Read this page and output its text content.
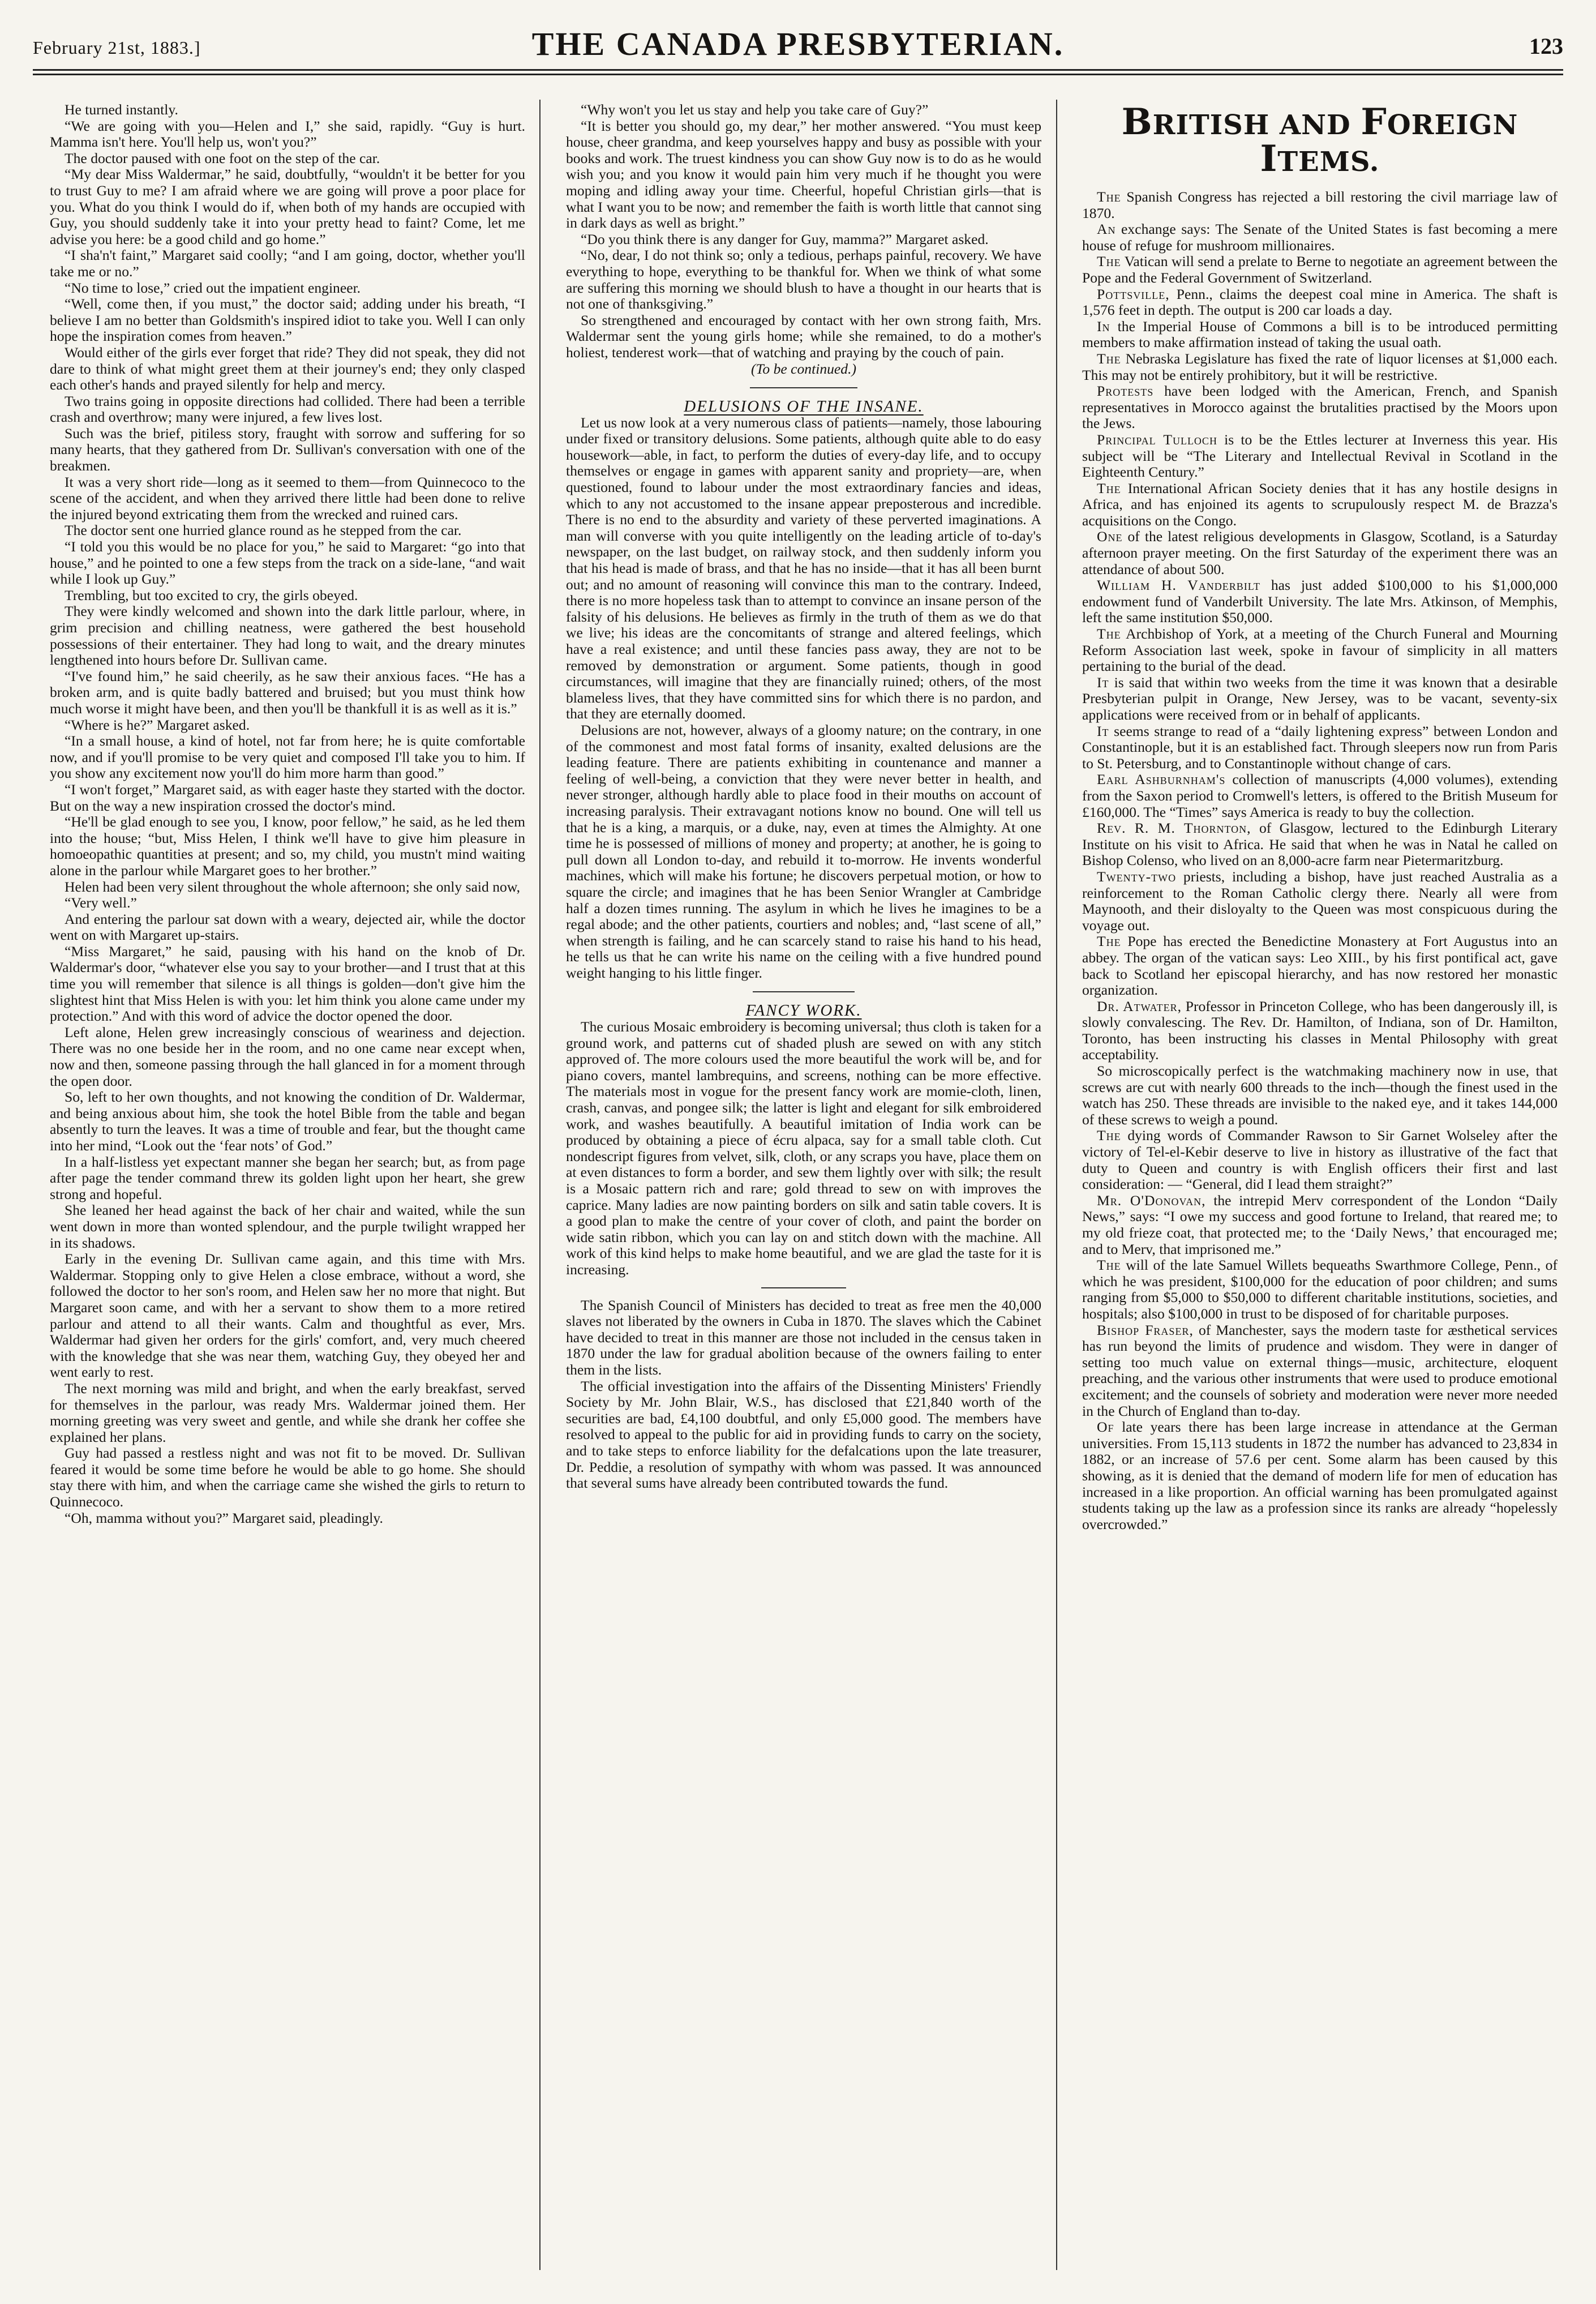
February 21st, 1883.]	THE CANADA PRESBYTERIAN.	123

He turned instantly.

“We are going with you—Helen and I,” she said, rapidly. “Guy is hurt. Mamma isn't here. You'll help us, won't you?”

The doctor paused with one foot on the step of the car.

“My dear Miss Waldermar,” he said, doubtfully, “wouldn't it be better for you to trust Guy to me? I am afraid where we are going will prove a poor place for you. What do you think I would do if, when both of my hands are occupied with Guy, you should suddenly take it into your pretty head to faint? Come, let me advise you here: be a good child and go home.”

“I sha'n't faint,” Margaret said coolly; “and I am going, doctor, whether you'll take me or no.”

“No time to lose,” cried out the impatient engineer.

“Well, come then, if you must,” the doctor said; adding under his breath, “I believe I am no better than Goldsmith's inspired idiot to take you. Well I can only hope the inspiration comes from heaven.”

Would either of the girls ever forget that ride? They did not speak, they did not dare to think of what might greet them at their journey's end; they only clasped each other's hands and prayed silently for help and mercy.

Two trains going in opposite directions had collided. There had been a terrible crash and overthrow; many were injured, a few lives lost.

Such was the brief, pitiless story, fraught with sorrow and suffering for so many hearts, that they gathered from Dr. Sullivan's conversation with one of the breakmen.

It was a very short ride—long as it seemed to them—from Quinnecoco to the scene of the accident, and when they arrived there little had been done to relive the injured beyond extricating them from the wrecked and ruined cars.

The doctor sent one hurried glance round as he stepped from the car.

“I told you this would be no place for you,” he said to Margaret: “go into that house,” and he pointed to one a few steps from the track on a side-lane, “and wait while I look up Guy.”

Trembling, but too excited to cry, the girls obeyed.

They were kindly welcomed and shown into the dark little parlour, where, in grim precision and chilling neatness, were gathered the best household possessions of their entertainer. They had long to wait, and the dreary minutes lengthened into hours before Dr. Sullivan came.

“I've found him,” he said cheerily, as he saw their anxious faces. “He has a broken arm, and is quite badly battered and bruised; but you must think how much worse it might have been, and then you'll be thankfull it is as well as it is.”

“Where is he?” Margaret asked.

“In a small house, a kind of hotel, not far from here; he is quite comfortable now, and if you'll promise to be very quiet and composed I'll take you to him. If you show any excitement now you'll do him more harm than good.”

“I won't forget,” Margaret said, as with eager haste they started with the doctor. But on the way a new inspiration crossed the doctor's mind.

“He'll be glad enough to see you, I know, poor fellow,” he said, as he led them into the house; “but, Miss Helen, I think we'll have to give him pleasure in homoeopathic quantities at present; and so, my child, you mustn't mind waiting alone in the parlour while Margaret goes to her brother.”

Helen had been very silent throughout the whole afternoon; she only said now,

“Very well.”

And entering the parlour sat down with a weary, dejected air, while the doctor went on with Margaret up-stairs.

“Miss Margaret,” he said, pausing with his hand on the knob of Dr. Waldermar's door, “whatever else you say to your brother—and I trust that at this time you will remember that silence is all things is golden—don't give him the slightest hint that Miss Helen is with you: let him think you alone came under my protection.” And with this word of advice the doctor opened the door.

Left alone, Helen grew increasingly conscious of weariness and dejection. There was no one beside her in the room, and no one came near except when, now and then, someone passing through the hall glanced in for a moment through the open door.

So, left to her own thoughts, and not knowing the condition of Dr. Waldermar, and being anxious about him, she took the hotel Bible from the table and began absently to turn the leaves. It was a time of trouble and fear, but the thought came into her mind, “Look out the ‘fear nots’ of God.”

In a half-listless yet expectant manner she began her search; but, as from page after page the tender command threw its golden light upon her heart, she grew strong and hopeful.

She leaned her head against the back of her chair and waited, while the sun went down in more than wonted splendour, and the purple twilight wrapped her in its shadows.

Early in the evening Dr. Sullivan came again, and this time with Mrs. Waldermar. Stopping only to give Helen a close embrace, without a word, she followed the doctor to her son's room, and Helen saw her no more that night. But Margaret soon came, and with her a servant to show them to a more retired parlour and attend to all their wants. Calm and thoughtful as ever, Mrs. Waldermar had given her orders for the girls' comfort, and, very much cheered with the knowledge that she was near them, watching Guy, they obeyed her and went early to rest.

The next morning was mild and bright, and when the early breakfast, served for themselves in the parlour, was ready Mrs. Waldermar joined them. Her morning greeting was very sweet and gentle, and while she drank her coffee she explained her plans.

Guy had passed a restless night and was not fit to be moved. Dr. Sullivan feared it would be some time before he would be able to go home. She should stay there with him, and when the carriage came she wished the girls to return to Quinnecoco.

“Oh, mamma without you?” Margaret said, pleadingly.

“Why won't you let us stay and help you take care of Guy?”

“It is better you should go, my dear,” her mother answered. “You must keep house, cheer grandma, and keep yourselves happy and busy as possible with your books and work. The truest kindness you can show Guy now is to do as he would wish you; and you know it would pain him very much if he thought you were moping and idling away your time. Cheerful, hopeful Christian girls—that is what I want you to be now; and remember the faith is worth little that cannot sing in dark days as well as bright.”

“Do you think there is any danger for Guy, mamma?” Margaret asked.

“No, dear, I do not think so; only a tedious, perhaps painful, recovery. We have everything to hope, everything to be thankful for. When we think of what some are suffering this morning we should blush to have a thought in our hearts that is not one of thanksgiving.”

So strengthened and encouraged by contact with her own strong faith, Mrs. Waldermar sent the young girls home; while she remained, to do a mother's holiest, tenderest work—that of watching and praying by the couch of pain.

(To be continued.)

DELUSIONS OF THE INSANE.

Let us now look at a very numerous class of patients—namely, those labouring under fixed or transitory delusions. Some patients, although quite able to do easy housework—able, in fact, to perform the duties of every-day life, and to occupy themselves or engage in games with apparent sanity and propriety—are, when questioned, found to labour under the most extraordinary fancies and ideas, which to any not accustomed to the insane appear preposterous and incredible. There is no end to the absurdity and variety of these perverted imaginations. A man will converse with you quite intelligently on the leading article of to-day's newspaper, on the last budget, on railway stock, and then suddenly inform you that his head is made of brass, and that he has no inside—that it has all been burnt out; and no amount of reasoning will convince this man to the contrary. Indeed, there is no more hopeless task than to attempt to convince an insane person of the falsity of his delusions. He believes as firmly in the truth of them as we do that we live; his ideas are the concomitants of strange and altered feelings, which have a real existence; and until these fancies pass away, they are not to be removed by demonstration or argument. Some patients, though in good circumstances, will imagine that they are financially ruined; others, of the most blameless lives, that they have committed sins for which there is no pardon, and that they are eternally doomed.

Delusions are not, however, always of a gloomy nature; on the contrary, in one of the commonest and most fatal forms of insanity, exalted delusions are the leading feature. There are patients exhibiting in countenance and manner a feeling of well-being, a conviction that they were never better in health, and never stronger, although hardly able to place food in their mouths on account of increasing paralysis. Their extravagant notions know no bound. One will tell us that he is a king, a marquis, or a duke, nay, even at times the Almighty. At one time he is possessed of millions of money and property; at another, he is going to pull down all London to-day, and rebuild it to-morrow. He invents wonderful machines, which will make his fortune; he discovers perpetual motion, or how to square the circle; and imagines that he has been Senior Wrangler at Cambridge half a dozen times running. The asylum in which he lives he imagines to be a regal abode; and the other patients, courtiers and nobles; and, “last scene of all,” when strength is failing, and he can scarcely stand to raise his hand to his head, he tells us that he can write his name on the ceiling with a five hundred pound weight hanging to his little finger.

FANCY WORK.

The curious Mosaic embroidery is becoming universal; thus cloth is taken for a ground work, and patterns cut of shaded plush are sewed on with any stitch approved of. The more colours used the more beautiful the work will be, and for piano covers, mantel lambrequins, and screens, nothing can be more effective. The materials most in vogue for the present fancy work are momie-cloth, linen, crash, canvas, and pongee silk; the latter is light and elegant for silk embroidered work, and washes beautifully. A beautiful imitation of India work can be produced by obtaining a piece of écru alpaca, say for a small table cloth. Cut nondescript figures from velvet, silk, cloth, or any scraps you have, place them on at even distances to form a border, and sew them lightly over with silk; the result is a Mosaic pattern rich and rare; gold thread to sew on with improves the caprice. Many ladies are now painting borders on silk and satin table covers. It is a good plan to make the centre of your cover of cloth, and paint the border on wide satin ribbon, which you can lay on and stitch down with the machine. All work of this kind helps to make home beautiful, and we are glad the taste for it is increasing.

The Spanish Council of Ministers has decided to treat as free men the 40,000 slaves not liberated by the owners in Cuba in 1870. The slaves which the Cabinet have decided to treat in this manner are those not included in the census taken in 1870 under the law for gradual abolition because of the owners failing to enter them in the lists.

The official investigation into the affairs of the Dissenting Ministers' Friendly Society by Mr. John Blair, W.S., has disclosed that £21,840 worth of the securities are bad, £4,100 doubtful, and only £5,000 good. The members have resolved to appeal to the public for aid in providing funds to carry on the society, and to take steps to enforce liability for the defalcations upon the late treasurer, Dr. Peddie, a resolution of sympathy with whom was passed. It was announced that several sums have already been contributed towards the fund.

BRITISH AND FOREIGN ITEMS.

The Spanish Congress has rejected a bill restoring the civil marriage law of 1870.

An exchange says: The Senate of the United States is fast becoming a mere house of refuge for mushroom millionaires.

The Vatican will send a prelate to Berne to negotiate an agreement between the Pope and the Federal Government of Switzerland.

Pottsville, Penn., claims the deepest coal mine in America. The shaft is 1,576 feet in depth. The output is 200 car loads a day.

In the Imperial House of Commons a bill is to be introduced permitting members to make affirmation instead of taking the usual oath.

The Nebraska Legislature has fixed the rate of liquor licenses at $1,000 each. This may not be entirely prohibitory, but it will be restrictive.

Protests have been lodged with the American, French, and Spanish representatives in Morocco against the brutalities practised by the Moors upon the Jews.

Principal Tulloch is to be the Ettles lecturer at Inverness this year. His subject will be “The Literary and Intellectual Revival in Scotland in the Eighteenth Century.”

The International African Society denies that it has any hostile designs in Africa, and has enjoined its agents to scrupulously respect M. de Brazza's acquisitions on the Congo.

One of the latest religious developments in Glasgow, Scotland, is a Saturday afternoon prayer meeting. On the first Saturday of the experiment there was an attendance of about 500.

William H. Vanderbilt has just added $100,000 to his $1,000,000 endowment fund of Vanderbilt University. The late Mrs. Atkinson, of Memphis, left the same institution $50,000.

The Archbishop of York, at a meeting of the Church Funeral and Mourning Reform Association last week, spoke in favour of simplicity in all matters pertaining to the burial of the dead.

It is said that within two weeks from the time it was known that a desirable Presbyterian pulpit in Orange, New Jersey, was to be vacant, seventy-six applications were received from or in behalf of applicants.

It seems strange to read of a “daily lightening express” between London and Constantinople, but it is an established fact. Through sleepers now run from Paris to St. Petersburg, and to Constantinople without change of cars.

Earl Ashburnham's collection of manuscripts (4,000 volumes), extending from the Saxon period to Cromwell's letters, is offered to the British Museum for £160,000. The “Times” says America is ready to buy the collection.

Rev. R. M. Thornton, of Glasgow, lectured to the Edinburgh Literary Institute on his visit to Africa. He said that when he was in Natal he called on Bishop Colenso, who lived on an 8,000-acre farm near Pietermaritzburg.

Twenty-two priests, including a bishop, have just reached Australia as a reinforcement to the Roman Catholic clergy there. Nearly all were from Maynooth, and their disloyalty to the Queen was most conspicuous during the voyage out.

The Pope has erected the Benedictine Monastery at Fort Augustus into an abbey. The organ of the vatican says: Leo XIII., by his first pontifical act, gave back to Scotland her episcopal hierarchy, and has now restored her monastic organization.

Dr. Atwater, Professor in Princeton College, who has been dangerously ill, is slowly convalescing. The Rev. Dr. Hamilton, of Indiana, son of Dr. Hamilton, Toronto, has been instructing his classes in Mental Philosophy with great acceptability.

So microscopically perfect is the watchmaking machinery now in use, that screws are cut with nearly 600 threads to the inch—though the finest used in the watch has 250. These threads are invisible to the naked eye, and it takes 144,000 of these screws to weigh a pound.

The dying words of Commander Rawson to Sir Garnet Wolseley after the victory of Tel-el-Kebir deserve to live in history as illustrative of the fact that duty to Queen and country is with English officers their first and last consideration: — “General, did I lead them straight?”

Mr. O'Donovan, the intrepid Merv correspondent of the London “Daily News,” says: “I owe my success and good fortune to Ireland, that reared me; to my old frieze coat, that protected me; to the ‘Daily News,’ that encouraged me; and to Merv, that imprisoned me.”

The will of the late Samuel Willets bequeaths Swarthmore College, Penn., of which he was president, $100,000 for the education of poor children; and sums ranging from $5,000 to $50,000 to different charitable institutions, societies, and hospitals; also $100,000 in trust to be disposed of for charitable purposes.

Bishop Fraser, of Manchester, says the modern taste for æsthetical services has run beyond the limits of prudence and wisdom. They were in danger of setting too much value on external things—music, architecture, eloquent preaching, and the various other instruments that were used to produce emotional excitement; and the counsels of sobriety and moderation were never more needed in the Church of England than to-day.

Of late years there has been large increase in attendance at the German universities. From 15,113 students in 1872 the number has advanced to 23,834 in 1882, or an increase of 57.6 per cent. Some alarm has been caused by this showing, as it is denied that the demand of modern life for men of education has increased in a like proportion. An official warning has been promulgated against students taking up the law as a profession since its ranks are already “hopelessly overcrowded.”
